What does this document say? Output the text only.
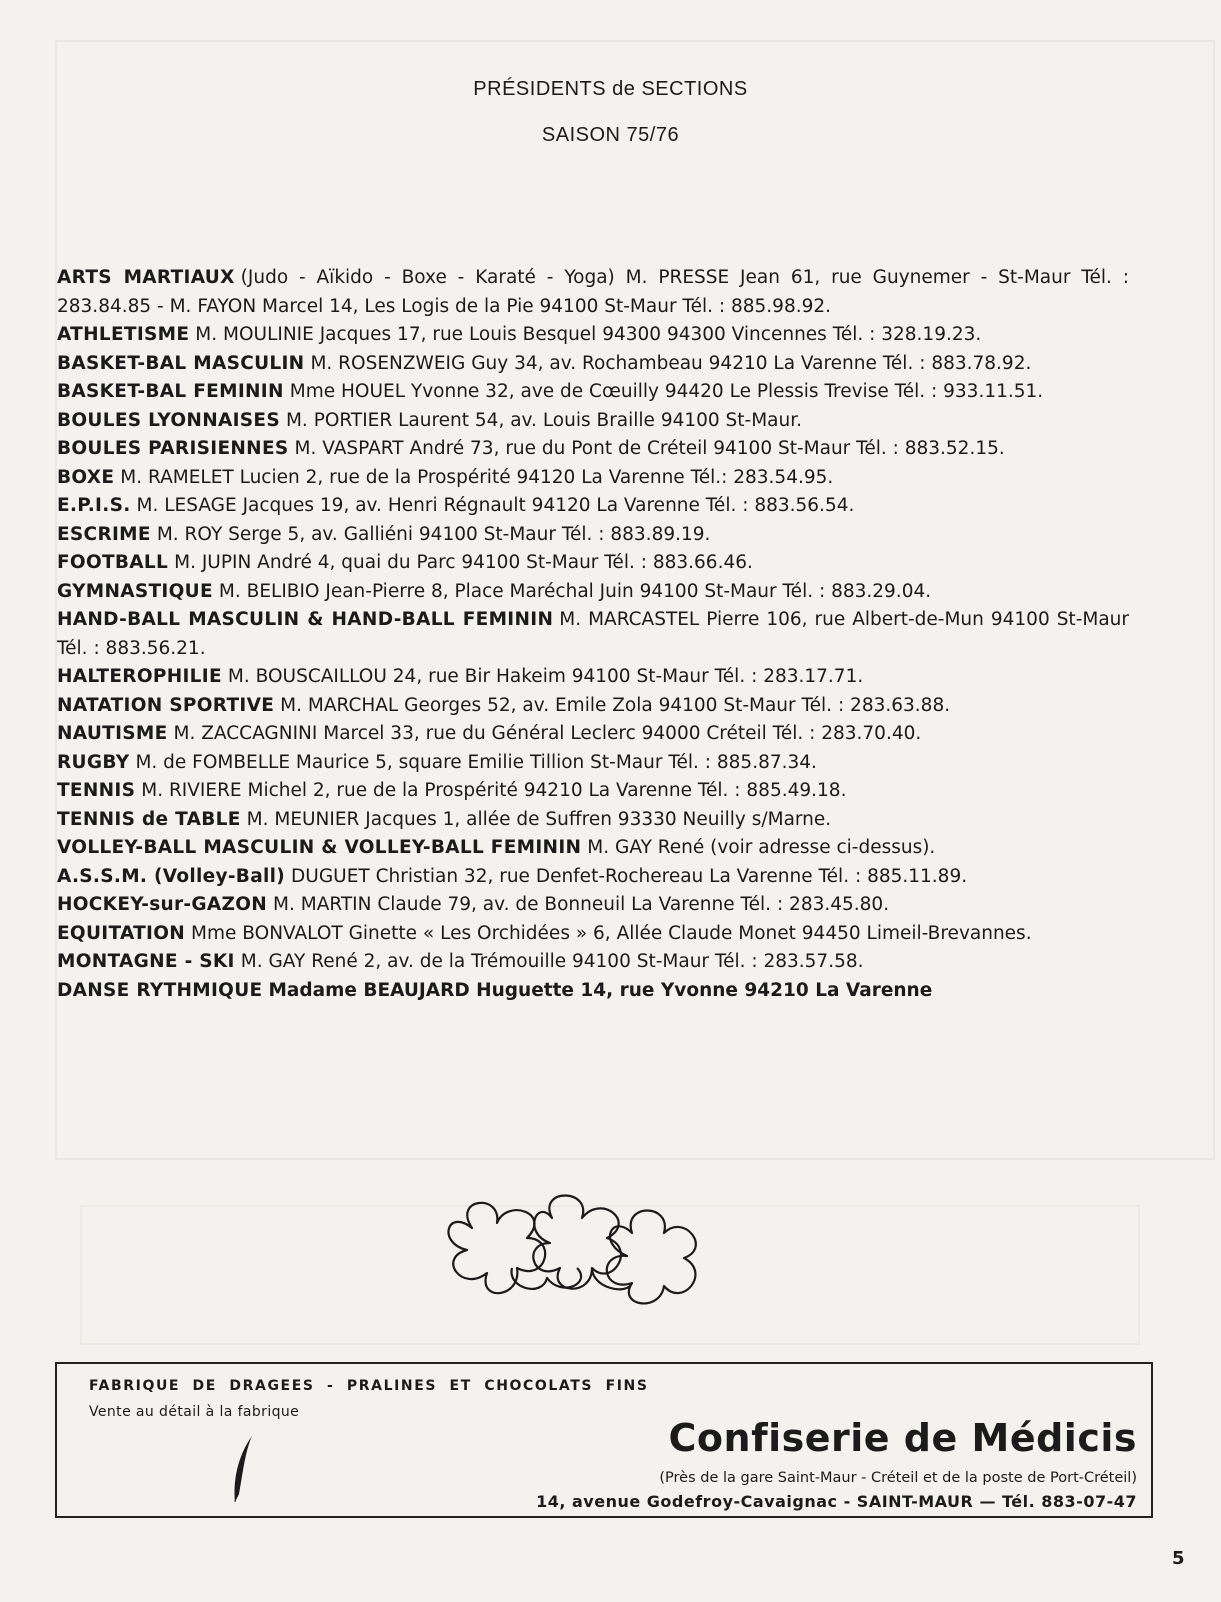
PRÉSIDENTS de SECTIONS
SAISON 75/76

ARTS MARTIAUX (Judo - Aïkido - Boxe - Karaté - Yoga) M. PRESSE Jean 61, rue Guynemer - St-Maur Tél. : 283.84.85 - M. FAYON Marcel 14, Les Logis de la Pie 94100 St-Maur Tél. : 885.98.92.

ATHLETISME M. MOULINIE Jacques 17, rue Louis Besquel 94300 94300 Vincennes Tél. : 328.19.23.

BASKET-BAL MASCULIN M. ROSENZWEIG Guy 34, av. Rochambeau 94210 La Varenne Tél. : 883.78.92.

BASKET-BAL FEMININ Mme HOUEL Yvonne 32, ave de Cœuilly 94420 Le Plessis Trevise Tél. : 933.11.51.

BOULES LYONNAISES M. PORTIER Laurent 54, av. Louis Braille 94100 St-Maur.

BOULES PARISIENNES M. VASPART André 73, rue du Pont de Créteil 94100 St-Maur Tél. : 883.52.15.

BOXE M. RAMELET Lucien 2, rue de la Prospérité 94120 La Varenne Tél.: 283.54.95.

E.P.I.S. M. LESAGE Jacques 19, av. Henri Régnault 94120 La Varenne Tél. : 883.56.54.

ESCRIME M. ROY Serge 5, av. Galliéni 94100 St-Maur Tél. : 883.89.19.

FOOTBALL M. JUPIN André 4, quai du Parc 94100 St-Maur Tél. : 883.66.46.

GYMNASTIQUE M. BELIBIO Jean-Pierre 8, Place Maréchal Juin 94100 St-Maur Tél. : 883.29.04.

HAND-BALL MASCULIN & HAND-BALL FEMININ M. MARCASTEL Pierre 106, rue Albert-de-Mun 94100 St-Maur Tél. : 883.56.21.

HALTEROPHILIE M. BOUSCAILLOU 24, rue Bir Hakeim 94100 St-Maur Tél. : 283.17.71.

NATATION SPORTIVE M. MARCHAL Georges 52, av. Emile Zola 94100 St-Maur Tél. : 283.63.88.

NAUTISME M. ZACCAGNINI Marcel 33, rue du Général Leclerc 94000 Créteil Tél. : 283.70.40.

RUGBY M. de FOMBELLE Maurice 5, square Emilie Tillion St-Maur Tél. : 885.87.34.

TENNIS M. RIVIERE Michel 2, rue de la Prospérité 94210 La Varenne Tél. : 885.49.18.

TENNIS de TABLE M. MEUNIER Jacques 1, allée de Suffren 93330 Neuilly s/Marne.

VOLLEY-BALL MASCULIN & VOLLEY-BALL FEMININ M. GAY René (voir adresse ci-dessus).

A.S.S.M. (Volley-Ball) DUGUET Christian 32, rue Denfet-Rochereau La Varenne Tél. : 885.11.89.

HOCKEY-sur-GAZON M. MARTIN Claude 79, av. de Bonneuil La Varenne Tél. : 283.45.80.

EQUITATION Mme BONVALOT Ginette « Les Orchidées » 6, Allée Claude Monet 94450 Limeil-Brevannes.

MONTAGNE - SKI M. GAY René 2, av. de la Trémouille 94100 St-Maur Tél. : 283.57.58.

DANSE RYTHMIQUE Madame BEAUJARD Huguette 14, rue Yvonne 94210 La Varenne

FABRIQUE DE DRAGEES - PRALINES ET CHOCOLATS FINS
Vente au détail à la fabrique
Confiserie de Médicis
(Près de la gare Saint-Maur - Créteil et de la poste de Port-Créteil)
14, avenue Godefroy-Cavaignac - SAINT-MAUR — Tél. 883-07-47
5
